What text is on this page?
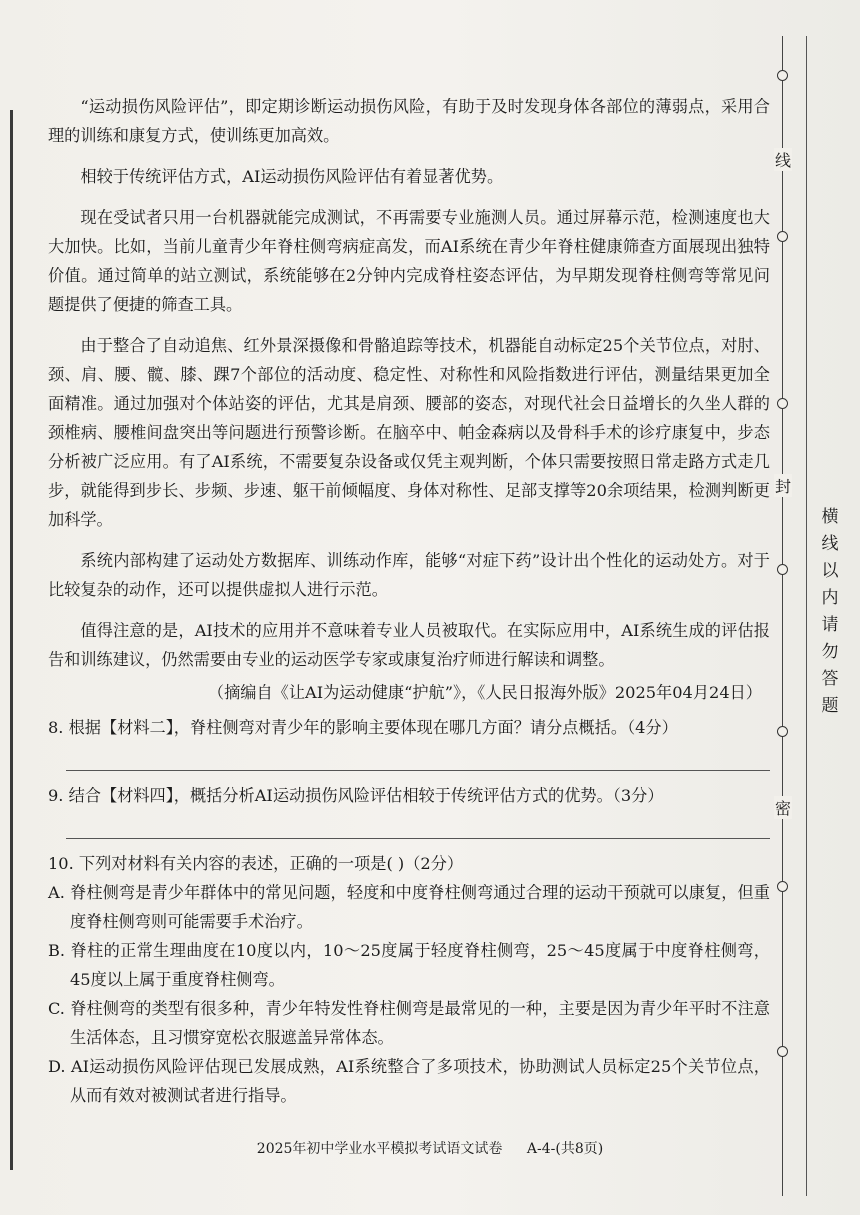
“运动损伤风险评估”，即定期诊断运动损伤风险，有助于及时发现身体各部位的薄弱点，采用合理的训练和康复方式，使训练更加高效。

相较于传统评估方式，AI运动损伤风险评估有着显著优势。

现在受试者只用一台机器就能完成测试，不再需要专业施测人员。通过屏幕示范，检测速度也大大加快。比如，当前儿童青少年脊柱侧弯病症高发，而AI系统在青少年脊柱健康筛查方面展现出独特价值。通过简单的站立测试，系统能够在2分钟内完成脊柱姿态评估，为早期发现脊柱侧弯等常见问题提供了便捷的筛查工具。

由于整合了自动追焦、红外景深摄像和骨骼追踪等技术，机器能自动标定25个关节位点，对肘、颈、肩、腰、髋、膝、踝7个部位的活动度、稳定性、对称性和风险指数进行评估，测量结果更加全面精准。通过加强对个体站姿的评估，尤其是肩颈、腰部的姿态，对现代社会日益增长的久坐人群的颈椎病、腰椎间盘突出等问题进行预警诊断。在脑卒中、帕金森病以及骨科手术的诊疗康复中，步态分析被广泛应用。有了AI系统，不需要复杂设备或仅凭主观判断，个体只需要按照日常走路方式走几步，就能得到步长、步频、步速、躯干前倾幅度、身体对称性、足部支撑等20余项结果，检测判断更加科学。

系统内部构建了运动处方数据库、训练动作库，能够“对症下药”设计出个性化的运动处方。对于比较复杂的动作，还可以提供虚拟人进行示范。

值得注意的是，AI技术的应用并不意味着专业人员被取代。在实际应用中，AI系统生成的评估报告和训练建议，仍然需要由专业的运动医学专家或康复治疗师进行解读和调整。

（摘编自《让AI为运动健康“护航”》，《人民日报海外版》2025年04月24日）

8. 根据【材料二】，脊柱侧弯对青少年的影响主要体现在哪几方面？请分点概括。（4分）

9. 结合【材料四】，概括分析AI运动损伤风险评估相较于传统评估方式的优势。（3分）

10. 下列对材料有关内容的表述，正确的一项是( )（2分）

A. 脊柱侧弯是青少年群体中的常见问题，轻度和中度脊柱侧弯通过合理的运动干预就可以康复，但重度脊柱侧弯则可能需要手术治疗。

B. 脊柱的正常生理曲度在10度以内，10～25度属于轻度脊柱侧弯，25～45度属于中度脊柱侧弯，45度以上属于重度脊柱侧弯。

C. 脊柱侧弯的类型有很多种，青少年特发性脊柱侧弯是最常见的一种，主要是因为青少年平时不注意生活体态，且习惯穿宽松衣服遮盖异常体态。

D. AI运动损伤风险评估现已发展成熟，AI系统整合了多项技术，协助测试人员标定25个关节位点，从而有效对被测试者进行指导。

2025年初中学业水平模拟考试语文试卷 A-4-(共8页)
线
封
密
横线以内请勿答题
